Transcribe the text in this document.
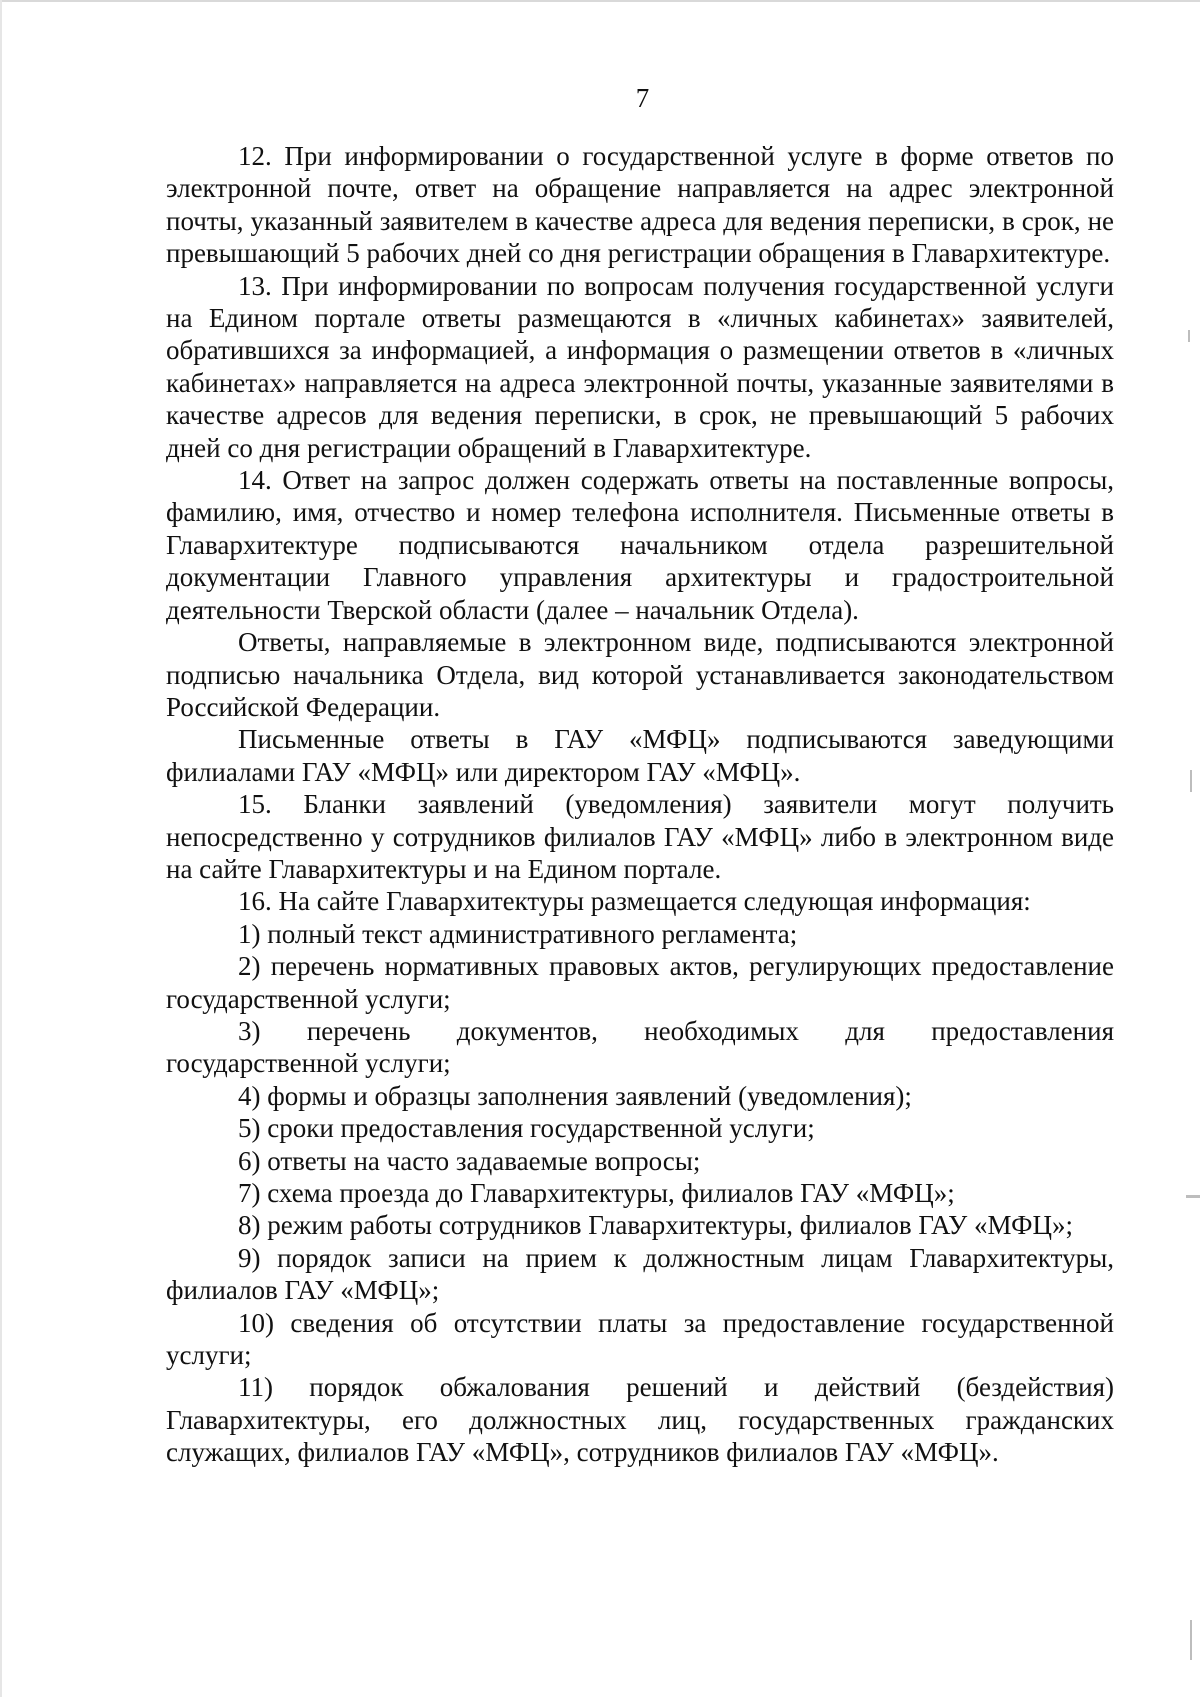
7

12. При информировании о государственной услуге в форме ответов по электронной почте, ответ на обращение направляется на адрес электронной почты, указанный заявителем в качестве адреса для ведения переписки, в срок, не превышающий 5 рабочих дней со дня регистрации обращения в Главархитектуре.

13. При информировании по вопросам получения государственной услуги на Едином портале ответы размещаются в «личных кабинетах» заявителей, обратившихся за информацией, а информация о размещении ответов в «личных кабинетах» направляется на адреса электронной почты, указанные заявителями в качестве адресов для ведения переписки, в срок, не превышающий 5 рабочих дней со дня регистрации обращений в Главархитектуре.

14. Ответ на запрос должен содержать ответы на поставленные вопросы, фамилию, имя, отчество и номер телефона исполнителя. Письменные ответы в Главархитектуре подписываются начальником отдела разрешительной документации Главного управления архитектуры и градостроительной деятельности Тверской области (далее – начальник Отдела).

Ответы, направляемые в электронном виде, подписываются электронной подписью начальника Отдела, вид которой устанавливается законодательством Российской Федерации.

Письменные ответы в ГАУ «МФЦ» подписываются заведующими филиалами ГАУ «МФЦ» или директором ГАУ «МФЦ».

15. Бланки заявлений (уведомления) заявители могут получить непосредственно у сотрудников филиалов ГАУ «МФЦ» либо в электронном виде на сайте Главархитектуры и на Едином портале.

16. На сайте Главархитектуры размещается следующая информация:

1) полный текст административного регламента;

2) перечень нормативных правовых актов, регулирующих предоставление государственной услуги;

3) перечень документов, необходимых для предоставления государственной услуги;

4) формы и образцы заполнения заявлений (уведомления);

5) сроки предоставления государственной услуги;

6) ответы на часто задаваемые вопросы;

7) схема проезда до Главархитектуры, филиалов ГАУ «МФЦ»;

8) режим работы сотрудников Главархитектуры, филиалов ГАУ «МФЦ»;

9) порядок записи на прием к должностным лицам Главархитектуры, филиалов ГАУ «МФЦ»;

10) сведения об отсутствии платы за предоставление государственной услуги;

11) порядок обжалования решений и действий (бездействия) Главархитектуры, его должностных лиц, государственных гражданских служащих, филиалов ГАУ «МФЦ», сотрудников филиалов ГАУ «МФЦ».
